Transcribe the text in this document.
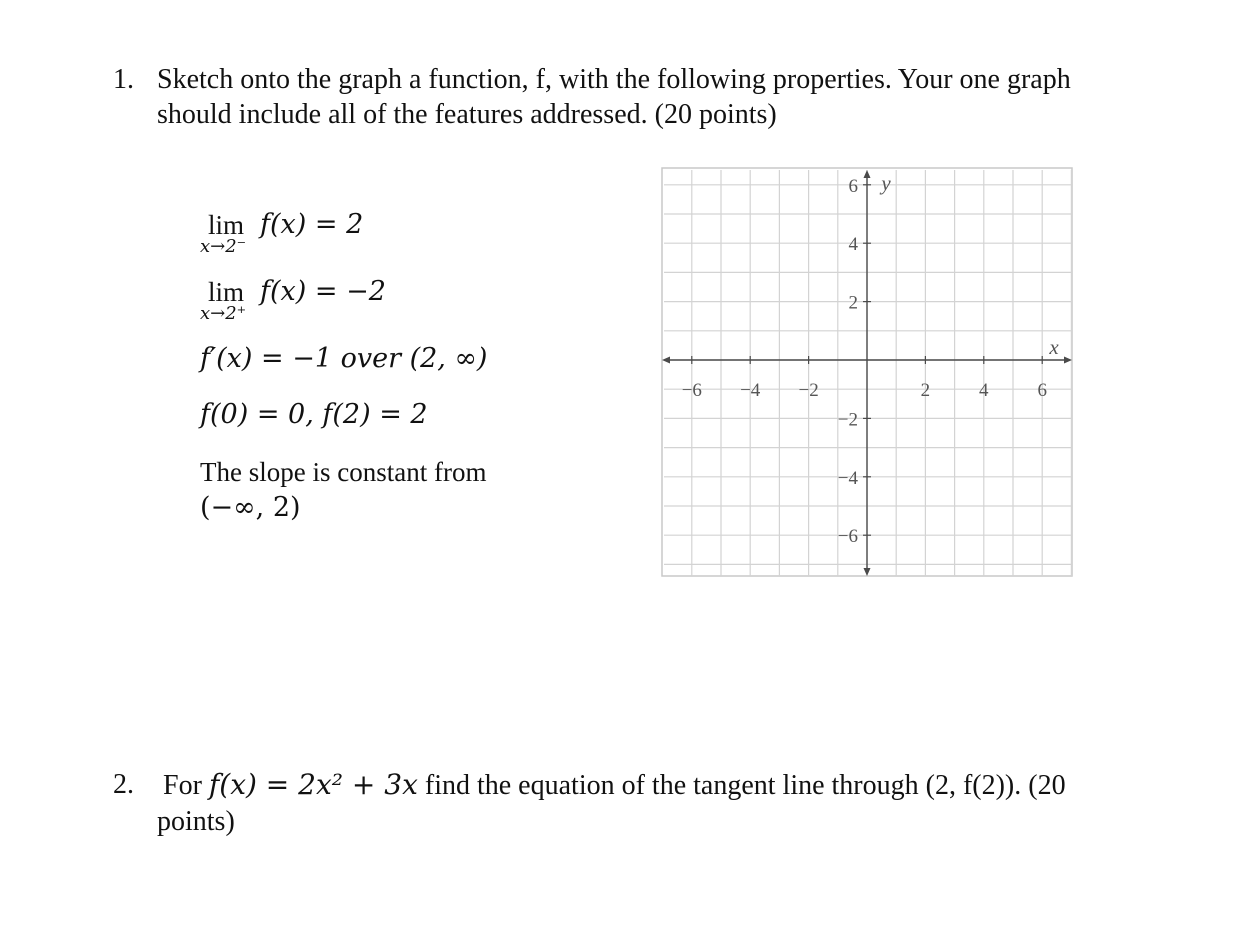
1. Sketch onto the graph a function, f, with the following properties. Your one graph
should include all of the features addressed. (20 points)
lim f(x) = 2
x→2⁻
lim f(x) = −2
x→2⁺
f′(x) = −1 over (2, ∞)
f(0) = 0, f(2) = 2
The slope is constant from
(−∞, 2)
−6 −4 −2	2	4	6
6
4
2
−2
−4
−6
x
y
2. For f(x) = 2x² + 3x find the equation of the tangent line through (2, f(2)). (20
points)
